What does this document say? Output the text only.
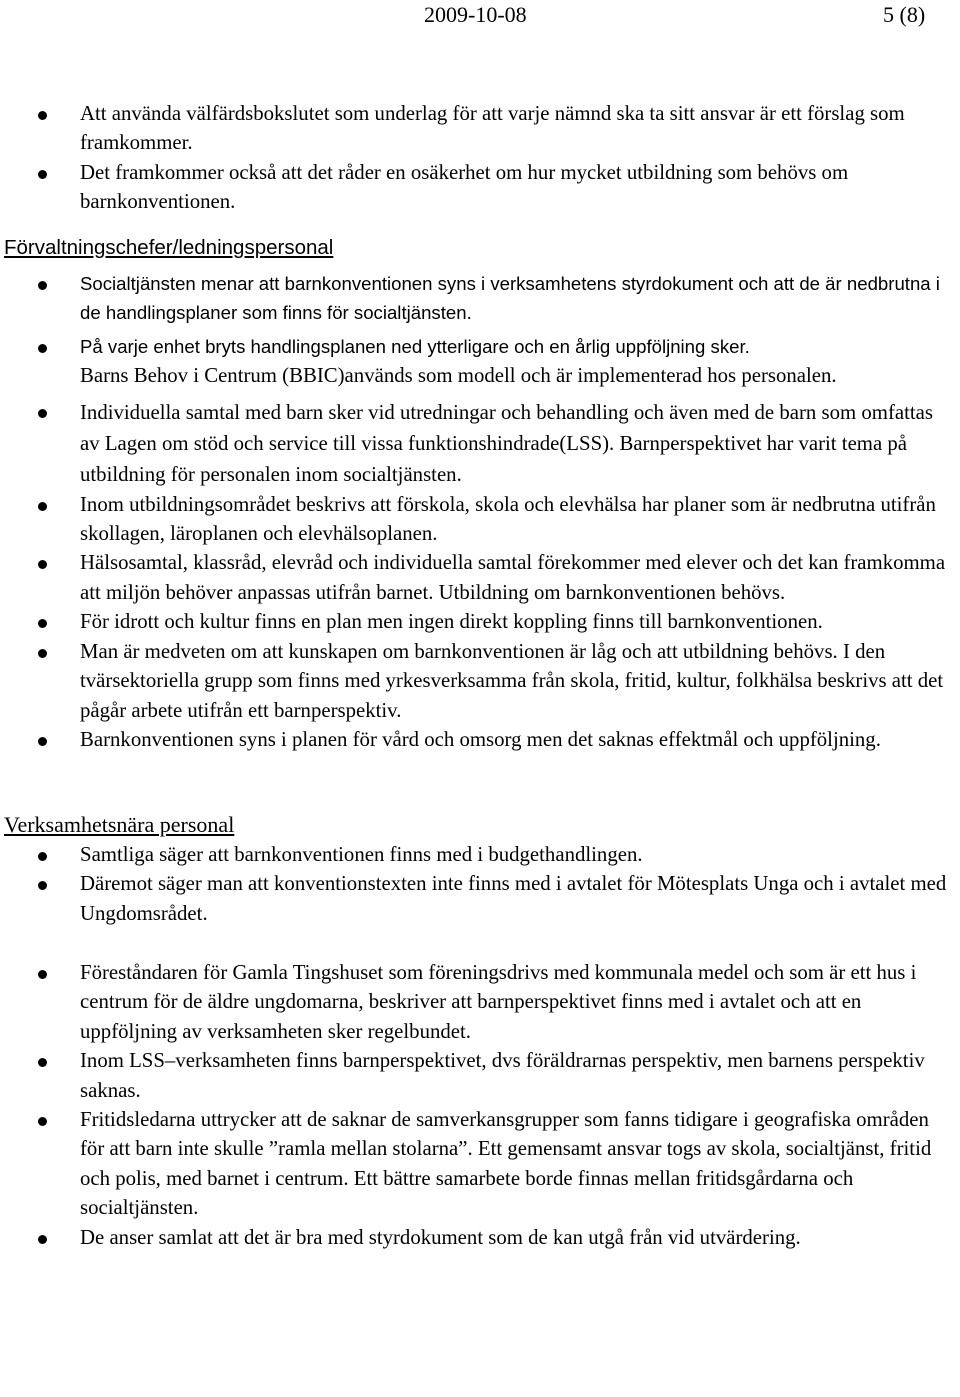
2009-10-08	5 (8)
Att använda välfärdsbokslutet som underlag för att varje nämnd ska ta sitt ansvar är ett förslag som framkommer.
Det framkommer också att det råder en osäkerhet om hur mycket utbildning som behövs om barnkonventionen.
Förvaltningschefer/ledningspersonal
Socialtjänsten menar att barnkonventionen syns i verksamhetens styrdokument och att de är nedbrutna i de handlingsplaner som finns för socialtjänsten.
På varje enhet bryts handlingsplanen ned ytterligare och en årlig uppföljning sker.
Barns Behov i Centrum (BBIC)används som modell och är implementerad hos personalen.
Individuella samtal med barn sker vid utredningar och behandling och även med de barn som omfattas av Lagen om stöd och service till vissa funktionshindrade(LSS). Barnperspektivet har varit tema på utbildning för personalen inom socialtjänsten.
Inom utbildningsområdet beskrivs att förskola, skola och elevhälsa har planer som är nedbrutna utifrån skollagen, läroplanen och elevhälsoplanen.
Hälsosamtal, klassråd, elevråd och individuella samtal förekommer med elever och det kan framkomma att miljön behöver anpassas utifrån barnet. Utbildning om barnkonventionen behövs.
För idrott och kultur finns en plan men ingen direkt koppling finns till barnkonventionen.
Man är medveten om att kunskapen om barnkonventionen är låg och att utbildning behövs. I den tvärsektoriella grupp som finns med yrkesverksamma från skola, fritid, kultur, folkhälsa beskrivs att det pågår arbete utifrån ett barnperspektiv.
Barnkonventionen syns i planen för vård och omsorg men det saknas effektmål och uppföljning.
Verksamhetsnära personal
Samtliga säger att barnkonventionen finns med i budgethandlingen.
Däremot säger man att konventionstexten inte finns med i avtalet för Mötesplats Unga och i avtalet med Ungdomsrådet.
Föreståndaren för Gamla Tingshuset som föreningsdrivs med kommunala medel och som är ett hus i centrum för de äldre ungdomarna, beskriver att barnperspektivet finns med i avtalet och att en uppföljning av verksamheten sker regelbundet.
Inom LSS–verksamheten finns barnperspektivet, dvs föräldrarnas perspektiv, men barnens perspektiv saknas.
Fritidsledarna uttrycker att de saknar de samverkansgrupper som fanns tidigare i geografiska områden för att barn inte skulle ”ramla mellan stolarna”. Ett gemensamt ansvar togs av skola, socialtjänst, fritid och polis, med barnet i centrum. Ett bättre samarbete borde finnas mellan fritidsgårdarna och socialtjänsten.
De anser samlat att det är bra med styrdokument som de kan utgå från vid utvärdering.
